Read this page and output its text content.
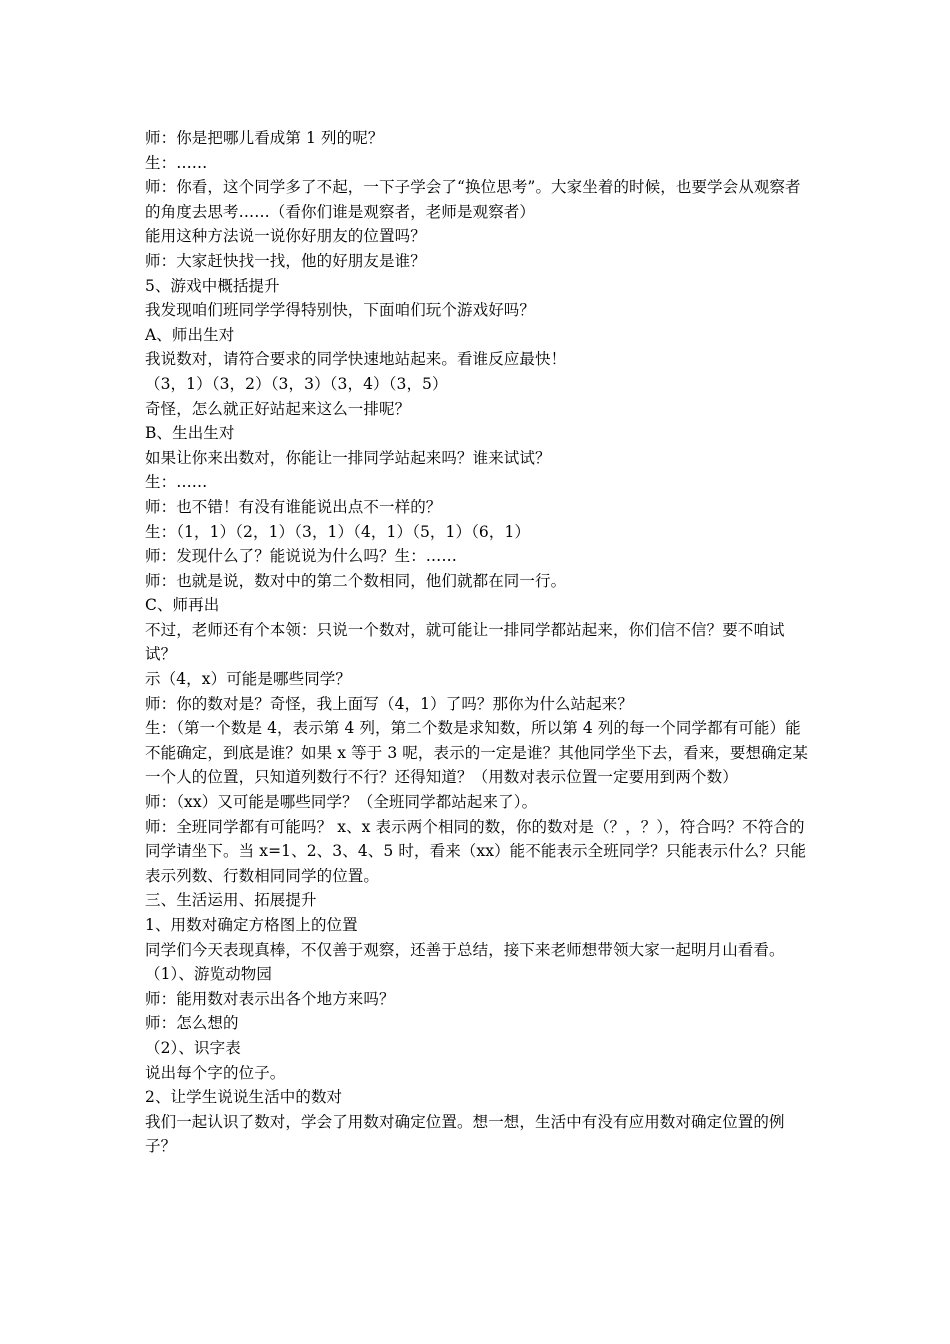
师：你是把哪儿看成第 1 列的呢？

生：……

师：你看，这个同学多了不起，一下子学会了“换位思考”。大家坐着的时候，也要学会从观察者的角度去思考……（看你们谁是观察者，老师是观察者）

能用这种方法说一说你好朋友的位置吗？

师：大家赶快找一找，他的好朋友是谁？

5、游戏中概括提升

我发现咱们班同学学得特别快，下面咱们玩个游戏好吗？

A、师出生对

我说数对，请符合要求的同学快速地站起来。看谁反应最快！

（3，1）（3，2）（3，3）（3，4）（3，5）

奇怪，怎么就正好站起来这么一排呢？

B、生出生对

如果让你来出数对，你能让一排同学站起来吗？谁来试试？

生：……

师：也不错！有没有谁能说出点不一样的？

生：（1，1）（2，1）（3，1）（4，1）（5，1）（6，1）

师：发现什么了？能说说为什么吗？生：……

师：也就是说，数对中的第二个数相同，他们就都在同一行。

C、师再出

不过，老师还有个本领：只说一个数对，就可能让一排同学都站起来，你们信不信？要不咱试试？

示（4，x）可能是哪些同学？

师：你的数对是？奇怪，我上面写（4，1）了吗？那你为什么站起来？

生：（第一个数是 4，表示第 4 列，第二个数是求知数，所以第 4 列的每一个同学都有可能）能不能确定，到底是谁？如果 x 等于 3 呢，表示的一定是谁？其他同学坐下去，看来，要想确定某一个人的位置，只知道列数行不行？还得知道？（用数对表示位置一定要用到两个数）

师：（xx）又可能是哪些同学？（全班同学都站起来了）。

师：全班同学都有可能吗？ x、x 表示两个相同的数，你的数对是（？，？），符合吗？不符合的同学请坐下。当 x=1、2、3、4、5 时，看来（xx）能不能表示全班同学？只能表示什么？只能表示列数、行数相同同学的位置。

三、生活运用、拓展提升

1、用数对确定方格图上的位置

同学们今天表现真棒，不仅善于观察，还善于总结，接下来老师想带领大家一起明月山看看。

（1）、游览动物园

师：能用数对表示出各个地方来吗？

师：怎么想的

（2）、识字表

说出每个字的位子。

2、让学生说说生活中的数对

我们一起认识了数对，学会了用数对确定位置。想一想，生活中有没有应用数对确定位置的例子？
